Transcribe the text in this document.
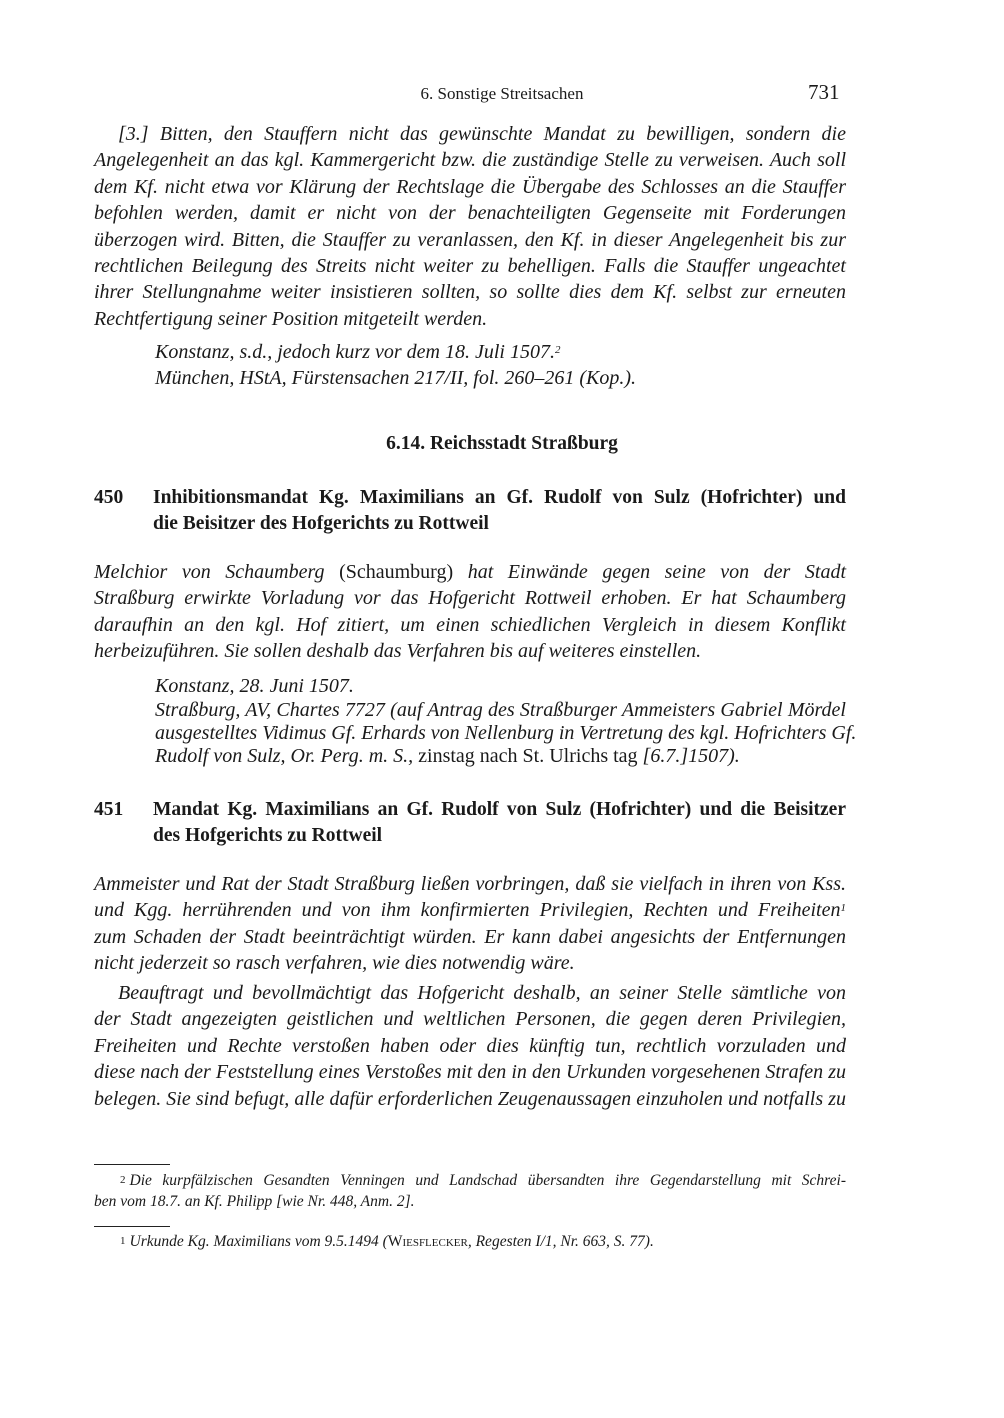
6. Sonstige Streitsachen	731
[3.] Bitten, den Stauffern nicht das gewünschte Mandat zu bewilligen, sondern die
Angelegenheit an das kgl. Kammergericht bzw. die zuständige Stelle zu verweisen. Auch soll
dem Kf. nicht etwa vor Klärung der Rechtslage die Übergabe des Schlosses an die Stauffer
befohlen werden, damit er nicht von der benachteiligten Gegenseite mit Forderungen
überzogen wird. Bitten, die Stauffer zu veranlassen, den Kf. in dieser Angelegenheit bis zur
rechtlichen Beilegung des Streits nicht weiter zu behelligen. Falls die Stauffer ungeachtet
ihrer Stellungnahme weiter insistieren sollten, so sollte dies dem Kf. selbst zur erneuten
Rechtfertigung seiner Position mitgeteilt werden.
Konstanz, s.d., jedoch kurz vor dem 18. Juli 1507.$^2$
München, HStA, Fürstensachen 217/II, fol. 260–261 (Kop.).
6.14. Reichsstadt Straßburg
450 Inhibitionsmandat Kg. Maximilians an Gf. Rudolf von Sulz (Hofrichter) und
die Beisitzer des Hofgerichts zu Rottweil
Melchior von Schaumberg (Schaumburg) hat Einwände gegen seine von der Stadt
Straßburg erwirkte Vorladung vor das Hofgericht Rottweil erhoben. Er hat Schaumberg
daraufhin an den kgl. Hof zitiert, um einen schiedlichen Vergleich in diesem Konflikt
herbeizuführen. Sie sollen deshalb das Verfahren bis auf weiteres einstellen.
Konstanz, 28. Juni 1507.
Straßburg, AV, Chartes 7727 (auf Antrag des Straßburger Ammeisters Gabriel Mördel
ausgestelltes Vidimus Gf. Erhards von Nellenburg in Vertretung des kgl. Hofrichters Gf.
Rudolf von Sulz, Or. Perg. m. S., zinstag nach St. Ulrichs tag [6.7.]1507).
451 Mandat Kg. Maximilians an Gf. Rudolf von Sulz (Hofrichter) und die Beisitzer
des Hofgerichts zu Rottweil
Ammeister und Rat der Stadt Straßburg ließen vorbringen, daß sie vielfach in ihren von Kss.
und Kgg. herrührenden und von ihm konfirmierten Privilegien, Rechten und Freiheiten$^1$
zum Schaden der Stadt beeinträchtigt würden. Er kann dabei angesichts der Entfernungen
nicht jederzeit so rasch verfahren, wie dies notwendig wäre.
Beauftragt und bevollmächtigt das Hofgericht deshalb, an seiner Stelle sämtliche von
der Stadt angezeigten geistlichen und weltlichen Personen, die gegen deren Privilegien,
Freiheiten und Rechte verstoßen haben oder dies künftig tun, rechtlich vorzuladen und
diese nach der Feststellung eines Verstoßes mit den in den Urkunden vorgesehenen Strafen zu
belegen. Sie sind befugt, alle dafür erforderlichen Zeugenaussagen einzuholen und notfalls zu
$^2$ Die kurpfälzischen Gesandten Venningen und Landschad übersandten ihre Gegendarstellung mit Schrei-
ben vom 18.7. an Kf. Philipp [wie Nr. 448, Anm. 2].
$^1$ Urkunde Kg. Maximilians vom 9.5.1494 (Wiesflecker, Regesten I/1, Nr. 663, S. 77).
